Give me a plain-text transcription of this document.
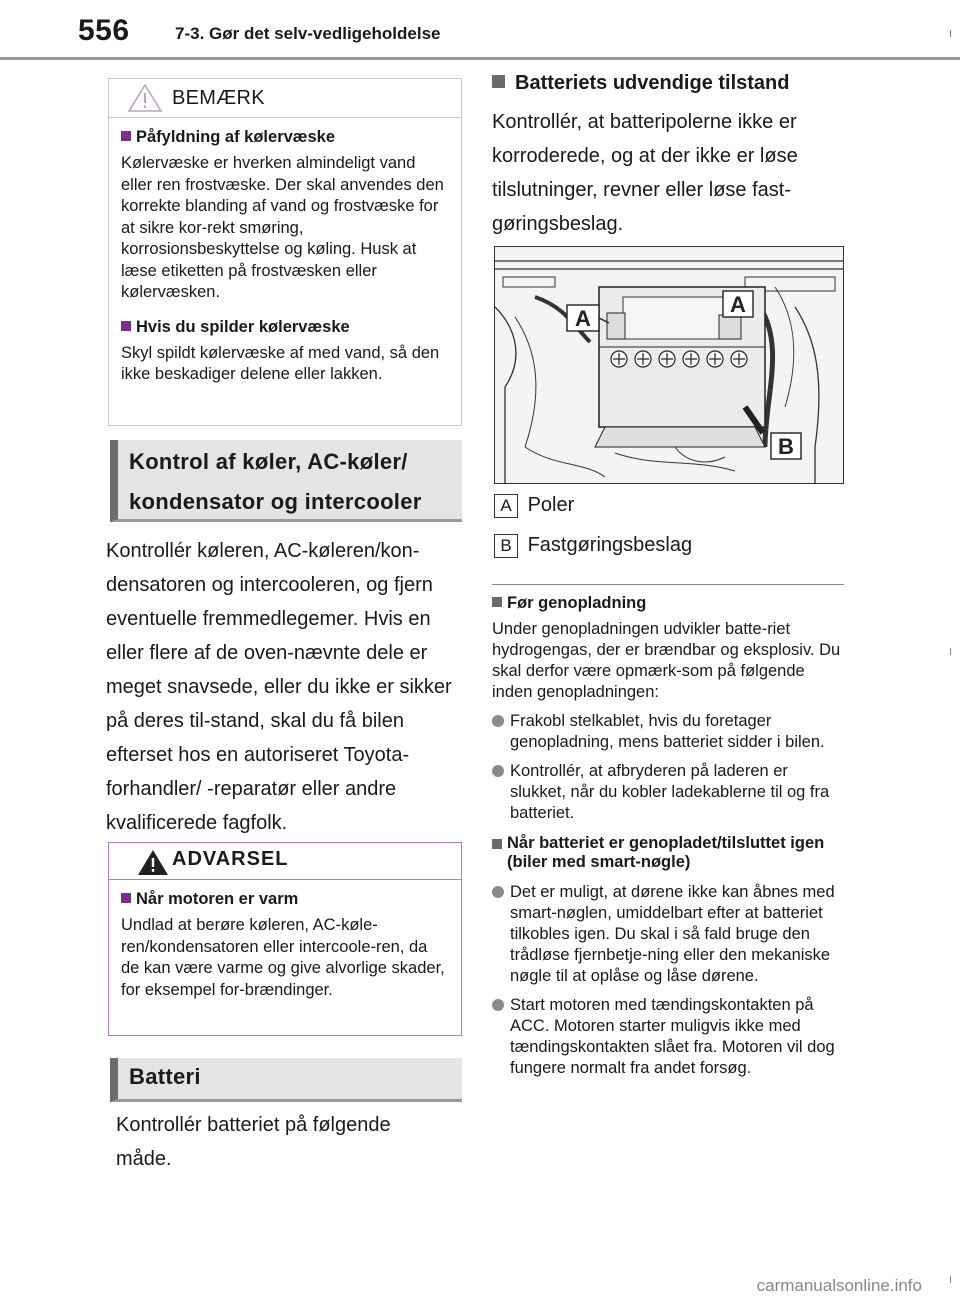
556	7-3. Gør det selv-vedligeholdelse
BEMÆRK
Påfyldning af kølervæske

Kølervæske er hverken almindeligt vand eller ren frostvæske. Der skal anvendes den korrekte blanding af vand og frostvæske for at sikre kor-rekt smøring, korrosionsbeskyttelse og køling. Husk at læse etiketten på frostvæsken eller kølervæsken.

Hvis du spilder kølervæske

Skyl spildt kølervæske af med vand, så den ikke beskadiger delene eller lakken.

Kontrol af køler, AC-køler/
kondensator og intercooler

Kontrollér køleren, AC-køleren/kon-densatoren og intercooleren, og fjern eventuelle fremmedlegemer. Hvis en eller flere af de oven-nævnte dele er meget snavsede, eller du ikke er sikker på deres til-stand, skal du få bilen efterset hos en autoriseret Toyota-forhandler/ -reparatør eller andre kvalificerede fagfolk.

ADVARSEL
Når motoren er varm

Undlad at berøre køleren, AC-køle-ren/kondensatoren eller intercoole-ren, da de kan være varme og give alvorlige skader, for eksempel for-brændinger.

Batteri

Kontrollér batteriet på følgende måde.

Batteriets udvendige tilstand

Kontrollér, at batteripolerne ikke er korroderede, og at der ikke er løse tilslutninger, revner eller løse fast-gøringsbeslag.

A
A
B
A Poler
B Fastgøringsbeslag
Før genopladning

Under genopladningen udvikler batte-riet hydrogengas, der er brændbar og eksplosiv. Du skal derfor være opmærk-som på følgende inden genopladningen:

Frakobl stelkablet, hvis du foretager genopladning, mens batteriet sidder i bilen.
Kontrollér, at afbryderen på laderen er slukket, når du kobler ladekablerne til og fra batteriet.
Når batteriet er genopladet/tilsluttet igen (biler med smart-nøgle)
Det er muligt, at dørene ikke kan åbnes med smart-nøglen, umiddelbart efter at batteriet tilkobles igen. Du skal i så fald bruge den trådløse fjernbetje-ning eller den mekaniske nøgle til at oplåse og låse dørene.
Start motoren med tændingskontakten på ACC. Motoren starter muligvis ikke med tændingskontakten slået fra. Motoren vil dog fungere normalt fra andet forsøg.
carmanualsonline.info
